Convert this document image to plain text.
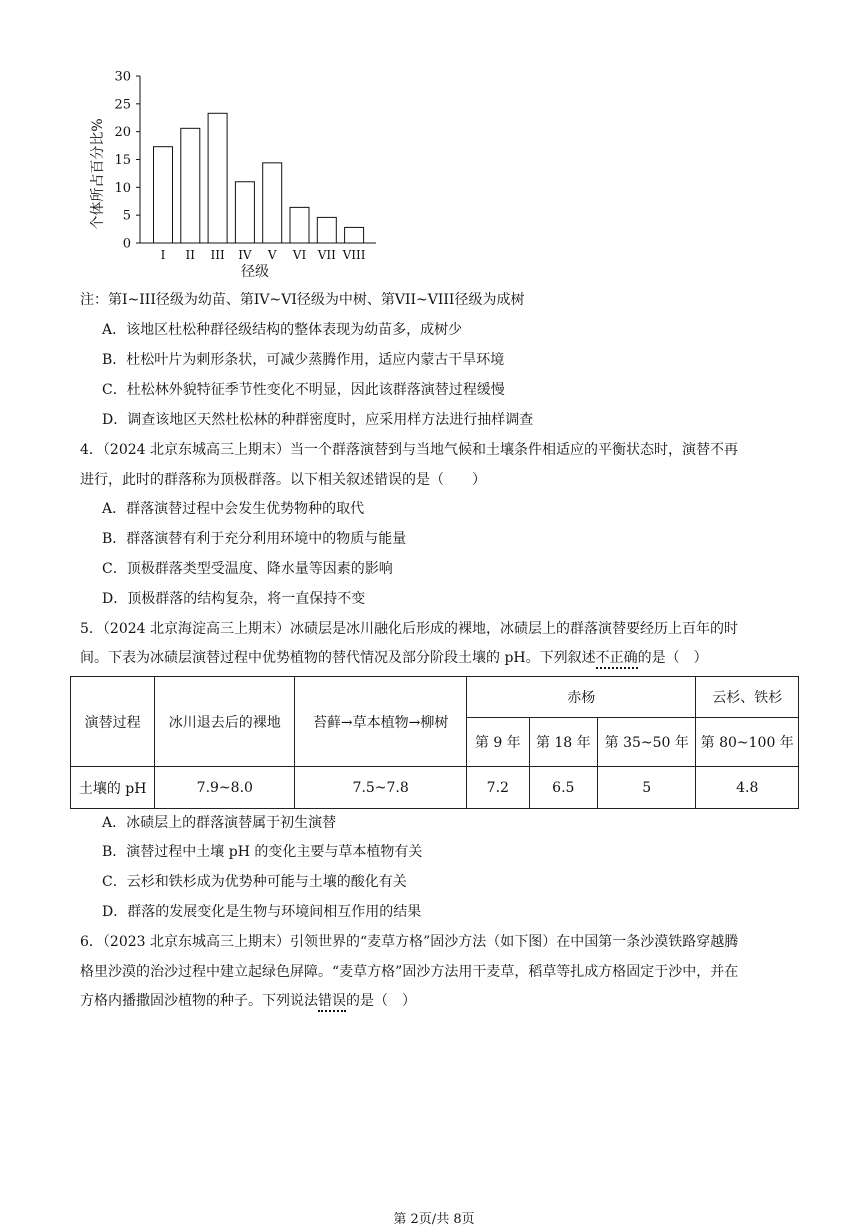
个体所占百分比%
0
5
10
15
20
25
30
I II III IV V VI VII VIII
径级
注：第I~III径级为幼苗、第IV~VI径级为中树、第VII~VIII径级为成树
A．该地区杜松种群径级结构的整体表现为幼苗多，成树少
B．杜松叶片为刺形条状，可减少蒸腾作用，适应内蒙古干旱环境
C．杜松林外貌特征季节性变化不明显，因此该群落演替过程缓慢
D．调查该地区天然杜松林的种群密度时，应采用样方法进行抽样调查
4．（2024 北京东城高三上期末）当一个群落演替到与当地气候和土壤条件相适应的平衡状态时，演替不再
进行，此时的群落称为顶极群落。以下相关叙述错误的是（　　）
A．群落演替过程中会发生优势物种的取代
B．群落演替有利于充分利用环境中的物质与能量
C．顶极群落类型受温度、降水量等因素的影响
D．顶极群落的结构复杂，将一直保持不变
5．（2024 北京海淀高三上期末）冰碛层是冰川融化后形成的裸地，冰碛层上的群落演替要经历上百年的时
间。下表为冰碛层演替过程中优势植物的替代情况及部分阶段土壤的 pH。下列叙述不正确的是（　）
演替过程	冰川退去后的裸地	苔藓→草本植物→柳树	赤杨			云杉、铁杉
			第 9 年	第 18 年	第 35~50 年	第 80~100 年
土壤的 pH	7.9~8.0	7.5~7.8	7.2	6.5	5	4.8
A．冰碛层上的群落演替属于初生演替
B．演替过程中土壤 pH 的变化主要与草本植物有关
C．云杉和铁杉成为优势种可能与土壤的酸化有关
D．群落的发展变化是生物与环境间相互作用的结果
6．（2023 北京东城高三上期末）引领世界的“麦草方格”固沙方法（如下图）在中国第一条沙漠铁路穿越腾
格里沙漠的治沙过程中建立起绿色屏障。“麦草方格”固沙方法用干麦草，稻草等扎成方格固定于沙中，并在
方格内播撒固沙植物的种子。下列说法错误的是（　）
第 2页/共 8页
